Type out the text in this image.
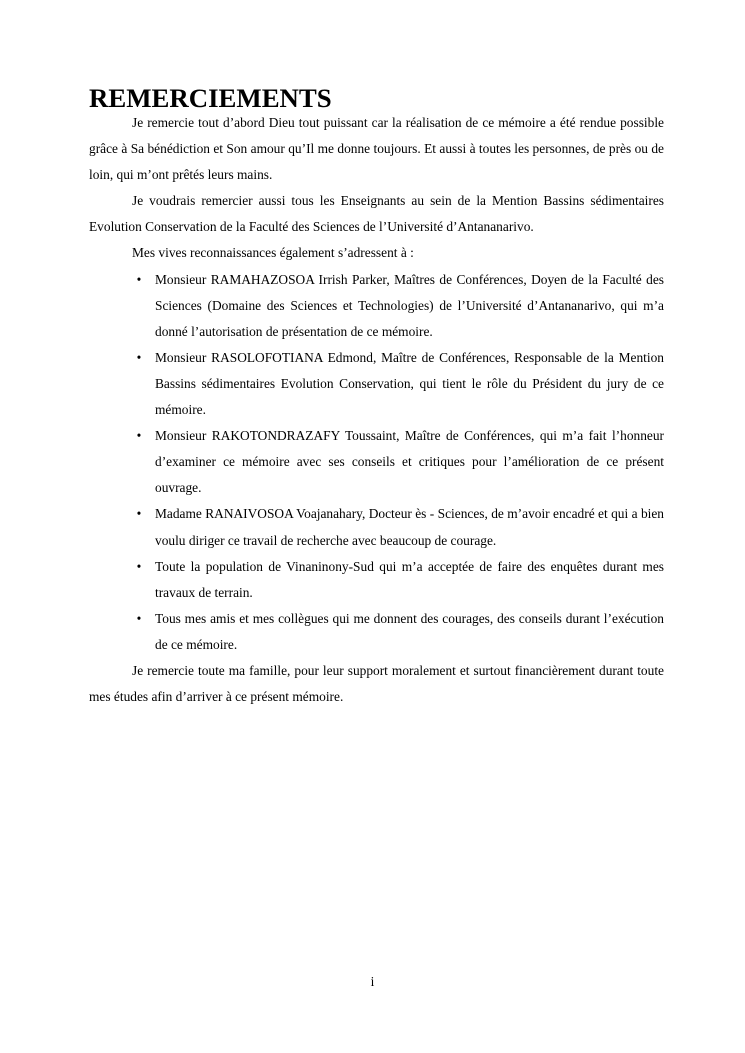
REMERCIEMENTS

Je remercie tout d’abord Dieu tout puissant car la réalisation de ce mémoire a été rendue possible grâce à Sa bénédiction et Son amour qu’Il me donne toujours. Et aussi à toutes les personnes, de près ou de loin, qui m’ont prêtés leurs mains.

Je voudrais remercier aussi tous les Enseignants au sein de la Mention Bassins sédimentaires Evolution Conservation de la Faculté des Sciences de l’Université d’Antananarivo.

Mes vives reconnaissances également s’adressent à :

• Monsieur RAMAHAZOSOA Irrish Parker, Maîtres de Conférences, Doyen de la Faculté des Sciences (Domaine des Sciences et Technologies) de l’Université d’Antananarivo, qui m’a donné l’autorisation de présentation de ce mémoire.
• Monsieur RASOLOFOTIANA Edmond, Maître de Conférences, Responsable de la Mention Bassins sédimentaires Evolution Conservation, qui tient le rôle du Président du jury de ce mémoire.
• Monsieur RAKOTONDRAZAFY Toussaint, Maître de Conférences, qui m’a fait l’honneur d’examiner ce mémoire avec ses conseils et critiques pour l’amélioration de ce présent ouvrage.
• Madame RANAIVOSOA Voajanahary, Docteur ès - Sciences, de m’avoir encadré et qui a bien voulu diriger ce travail de recherche avec beaucoup de courage.
• Toute la population de Vinaninony-Sud qui m’a acceptée de faire des enquêtes durant mes travaux de terrain.
• Tous mes amis et mes collègues qui me donnent des courages, des conseils durant l’exécution de ce mémoire.

Je remercie toute ma famille, pour leur support moralement et surtout financièrement durant toute mes études afin d’arriver à ce présent mémoire.

i
